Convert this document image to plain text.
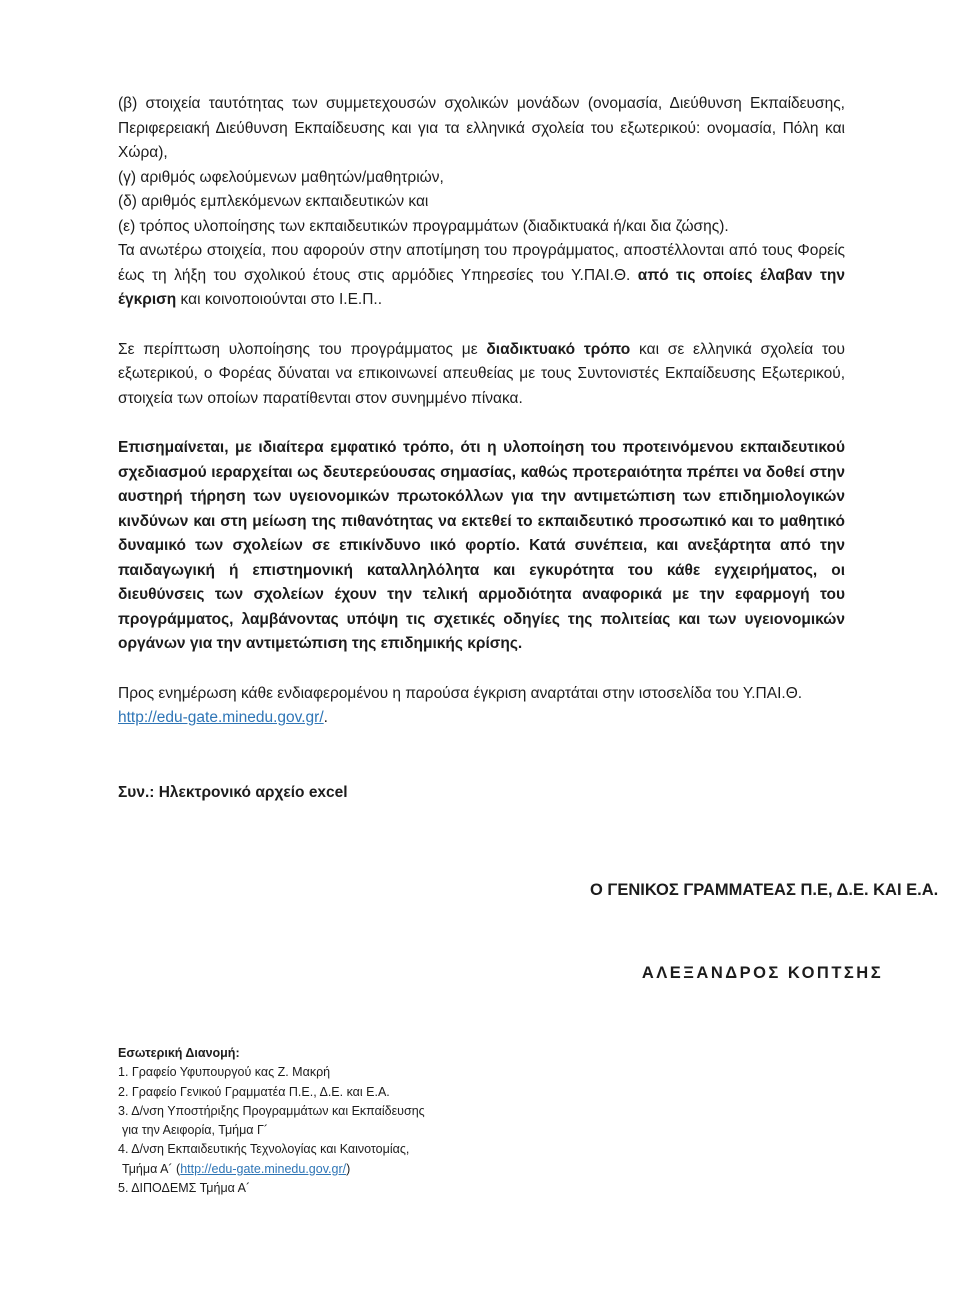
(β) στοιχεία ταυτότητας των συμμετεχουσών σχολικών μονάδων (ονομασία, Διεύθυνση Εκπαίδευσης, Περιφερειακή Διεύθυνση Εκπαίδευσης και για τα ελληνικά σχολεία του εξωτερικού: ονομασία, Πόλη και Χώρα),

(γ) αριθμός ωφελούμενων μαθητών/μαθητριών,

(δ) αριθμός εμπλεκόμενων εκπαιδευτικών και

(ε) τρόπος υλοποίησης των εκπαιδευτικών προγραμμάτων (διαδικτυακά ή/και δια ζώσης).

Τα ανωτέρω στοιχεία, που αφορούν στην αποτίμηση του προγράμματος, αποστέλλονται από τους Φορείς έως τη λήξη του σχολικού έτους στις αρμόδιες Υπηρεσίες του Υ.ΠΑΙ.Θ. από τις οποίες έλαβαν την έγκριση και κοινοποιούνται στο Ι.Ε.Π..

Σε περίπτωση υλοποίησης του προγράμματος με διαδικτυακό τρόπο και σε ελληνικά σχολεία του εξωτερικού, ο Φορέας δύναται να επικοινωνεί απευθείας με τους Συντονιστές Εκπαίδευσης Εξωτερικού, στοιχεία των οποίων παρατίθενται στον συνημμένο πίνακα.

Επισημαίνεται, με ιδιαίτερα εμφατικό τρόπο, ότι η υλοποίηση του προτεινόμενου εκπαιδευτικού σχεδιασμού ιεραρχείται ως δευτερεύουσας σημασίας, καθώς προτεραιότητα πρέπει να δοθεί στην αυστηρή τήρηση των υγειονομικών πρωτοκόλλων για την αντιμετώπιση των επιδημιολογικών κινδύνων και στη μείωση της πιθανότητας να εκτεθεί το εκπαιδευτικό προσωπικό και το μαθητικό δυναμικό των σχολείων σε επικίνδυνο ιικό φορτίο. Κατά συνέπεια, και ανεξάρτητα από την παιδαγωγική ή επιστημονική καταλληλόλητα και εγκυρότητα του κάθε εγχειρήματος, οι διευθύνσεις των σχολείων έχουν την τελική αρμοδιότητα αναφορικά με την εφαρμογή του προγράμματος, λαμβάνοντας υπόψη τις σχετικές οδηγίες της πολιτείας και των υγειονομικών οργάνων για την αντιμετώπιση της επιδημικής κρίσης.

Προς ενημέρωση κάθε ενδιαφερομένου η παρούσα έγκριση αναρτάται στην ιστοσελίδα του Υ.ΠΑΙ.Θ.
http://edu-gate.minedu.gov.gr/.

Συν.: Ηλεκτρονικό αρχείο excel

Ο ΓΕΝΙΚΟΣ ΓΡΑΜΜΑΤΕΑΣ Π.Ε, Δ.Ε. ΚΑΙ Ε.Α.
ΑΛΕΞΑΝΔΡΟΣ ΚΟΠΤΣΗΣ

Εσωτερική Διανομή:

1. Γραφείο Υφυπουργού κας Ζ. Μακρή

2. Γραφείο Γενικού Γραμματέα Π.Ε., Δ.Ε. και Ε.Α.

3. Δ/νση Υποστήριξης Προγραμμάτων και Εκπαίδευσης

για την Αειφορία, Τμήμα Γ´

4. Δ/νση Εκπαιδευτικής Τεχνολογίας και Καινοτομίας,

Τμήμα Α´ (http://edu-gate.minedu.gov.gr/)

5. ΔΙΠΟΔΕΜΣ Τμήμα Α´
